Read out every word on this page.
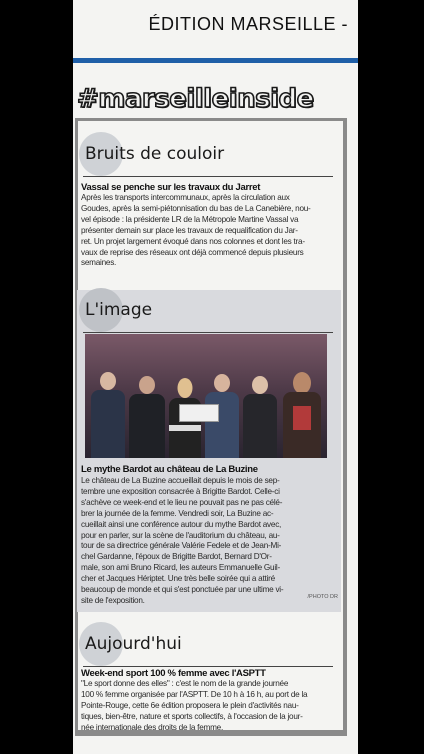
ÉDITION MARSEILLE -
#marseilleinside
Bruits de couloir
Vassal se penche sur les travaux du Jarret
Après les transports intercommunaux, après la circulation aux
Goudes, après la semi-piétonnisation du bas de La Canebière, nou-
vel épisode : la présidente LR de la Métropole Martine Vassal va
présenter demain sur place les travaux de requalification du Jar-
ret. Un projet largement évoqué dans nos colonnes et dont les tra-
vaux de reprise des réseaux ont déjà commencé depuis plusieurs
semaines.
L'image
Le mythe Bardot au château de La Buzine
Le château de La Buzine accueillait depuis le mois de sep-
tembre une exposition consacrée à Brigitte Bardot. Celle-ci
s'achève ce week-end et le lieu ne pouvait pas ne pas célé-
brer la journée de la femme. Vendredi soir, La Buzine ac-
cueillait ainsi une conférence autour du mythe Bardot avec,
pour en parler, sur la scène de l'auditorium du château, au-
tour de sa directrice générale Valérie Fedele et de Jean-Mi-
chel Gardanne, l'époux de Brigitte Bardot, Bernard D'Or-
male, son ami Bruno Ricard, les auteurs Emmanuelle Guil-
cher et Jacques Hériptet. Une très belle soirée qui a attiré
beaucoup de monde et qui s'est ponctuée par une ultime vi-
site de l'exposition.	/PHOTO DR
Aujourd'hui
Week-end sport 100 % femme avec l'ASPTT
"Le sport donne des elles" : c'est le nom de la grande journée
100 % femme organisée par l'ASPTT. De 10 h à 16 h, au port de la
Pointe-Rouge, cette 6e édition proposera le plein d'activités nau-
tiques, bien-être, nature et sports collectifs, à l'occasion de la jour-
née internationale des droits de la femme.
